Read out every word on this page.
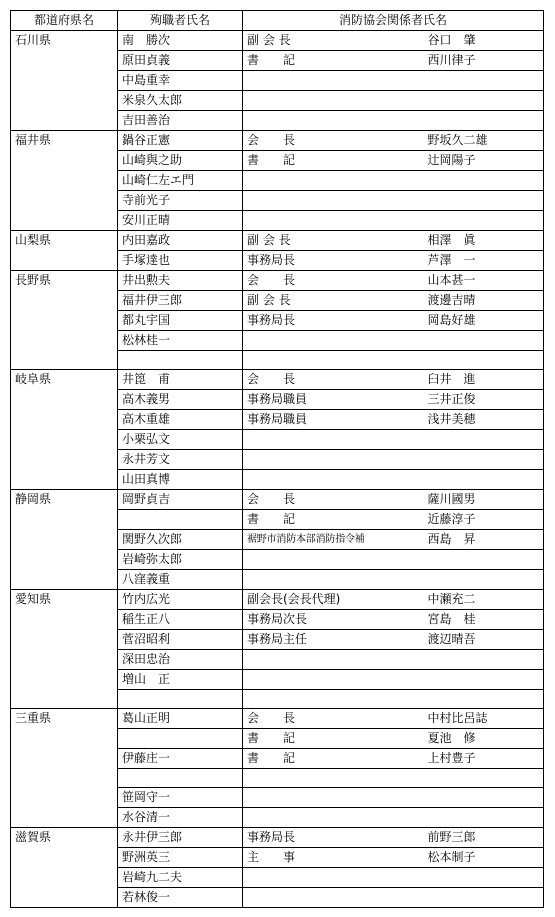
都道府県名	殉職者氏名	消防協会関係者氏名	
石川県	南　勝次	副 会 長	谷口　肇
	原田貞義	書　　記	西川律子
	中島重幸		
	米泉久太郎		
	吉田善治		
福井県	鍋谷正憲	会　　長	野坂久二雄
	山崎與之助	書　　記	辻岡陽子
	山崎仁左エ門		
	寺前光子		
	安川正晴		
山梨県	内田嘉政	副 会 長	相澤　眞
	手塚達也	事務局長	芦澤　一
長野県	井出勲夫	会　　長	山本甚一
	福井伊三郎	副 会 長	渡邊吉晴
	都丸宇国	事務局長	岡島好雄
	松林桂一		

岐阜県	井箆　甫	会　　長	臼井　進
	高木義男	事務局職員	三井正俊
	高木重雄	事務局職員	浅井美穂
	小栗弘文		
	永井芳文		
	山田真博		
静岡県	岡野貞吉	会　　長	薩川國男
		書　　記	近藤淳子
	関野久次郎	裾野市消防本部消防指令補	西島　昇
	岩崎弥太郎		
	八窪義重		
愛知県	竹内広光	副会長(会長代理)	中瀬充二
	稲生正八	事務局次長	宮島　桂
	菅沼昭利	事務局主任	渡辺晴吾
	深田忠治		
	増山　正		

三重県	葛山正明	会　　長	中村比呂誌
		書　　記	夏池　修
	伊藤庄一	書　　記	上村豊子

	笹岡守一		
	水谷清一		
滋賀県	永井伊三郎	事務局長	前野三郎
	野洲英三	主　　事	松本制子
	岩崎九二夫		
	若林俊一		
